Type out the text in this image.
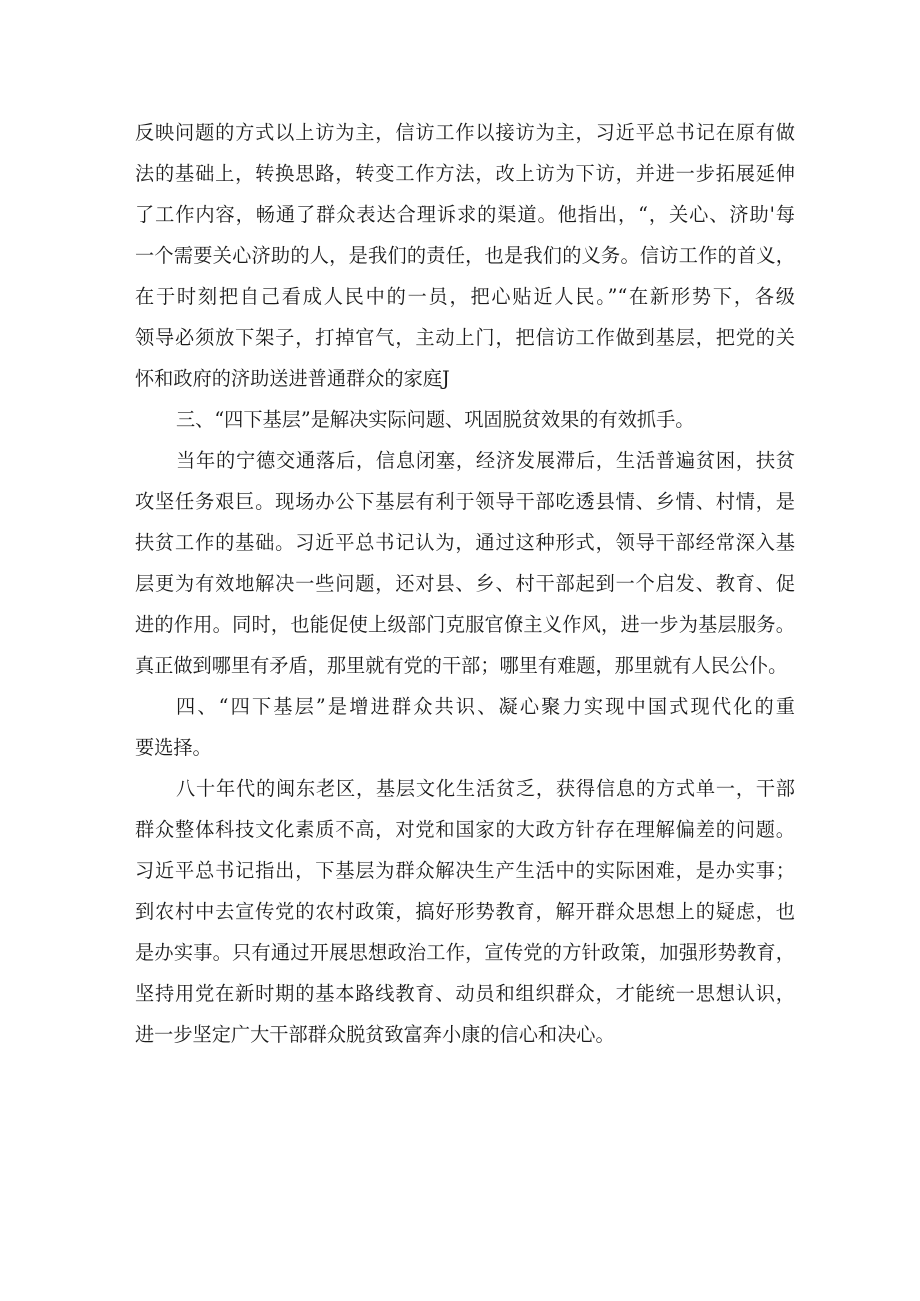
反映问题的方式以上访为主，信访工作以接访为主，习近平总书记在原有做
法的基础上，转换思路，转变工作方法，改上访为下访，并进一步拓展延伸
了工作内容，畅通了群众表达合理诉求的渠道。他指出，“，关心、济助'每
一个需要关心济助的人，是我们的责任，也是我们的义务。信访工作的首义，
在于时刻把自己看成人民中的一员，把心贴近人民。”“在新形势下，各级
领导必须放下架子，打掉官气，主动上门，把信访工作做到基层，把党的关
怀和政府的济助送进普通群众的家庭J
三、“四下基层”是解决实际问题、巩固脱贫效果的有效抓手。
当年的宁德交通落后，信息闭塞，经济发展滞后，生活普遍贫困，扶贫
攻坚任务艰巨。现场办公下基层有利于领导干部吃透县情、乡情、村情，是
扶贫工作的基础。习近平总书记认为，通过这种形式，领导干部经常深入基
层更为有效地解决一些问题，还对县、乡、村干部起到一个启发、教育、促
进的作用。同时，也能促使上级部门克服官僚主义作风，进一步为基层服务。
真正做到哪里有矛盾，那里就有党的干部；哪里有难题，那里就有人民公仆。
四、“四下基层”是增进群众共识、凝心聚力实现中国式现代化的重
要选择。
八十年代的闽东老区，基层文化生活贫乏，获得信息的方式单一，干部
群众整体科技文化素质不高，对党和国家的大政方针存在理解偏差的问题。
习近平总书记指出，下基层为群众解决生产生活中的实际困难，是办实事；
到农村中去宣传党的农村政策，搞好形势教育，解开群众思想上的疑虑，也
是办实事。只有通过开展思想政治工作，宣传党的方针政策，加强形势教育，
坚持用党在新时期的基本路线教育、动员和组织群众，才能统一思想认识，
进一步坚定广大干部群众脱贫致富奔小康的信心和决心。
